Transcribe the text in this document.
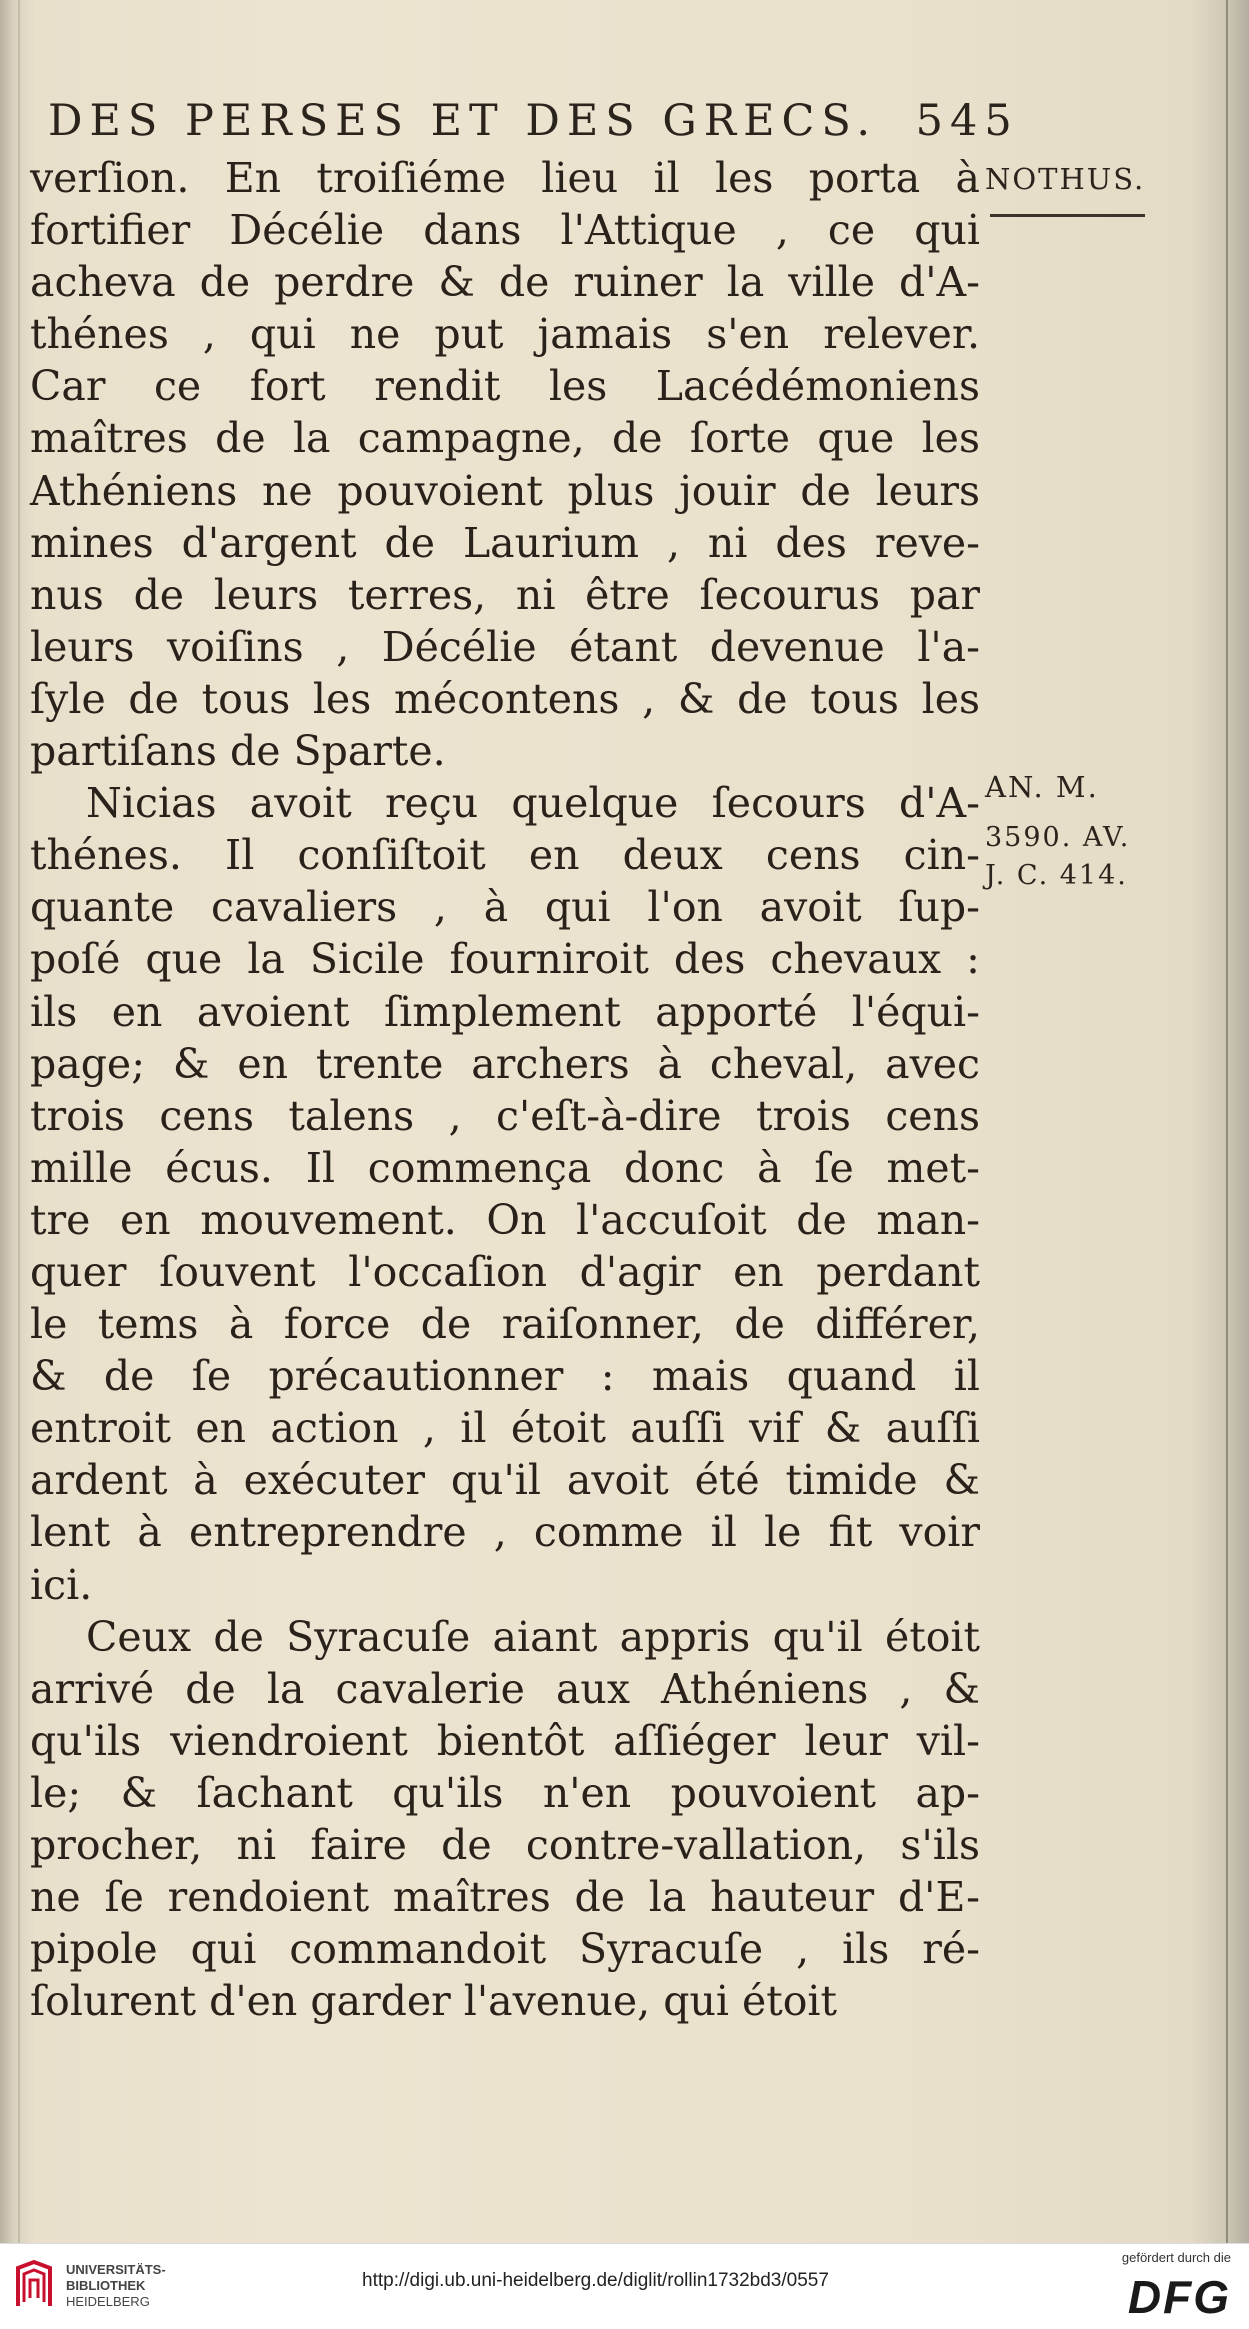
DES PERSES ET DES GRECS. 545
NOTHUS.
AN. M.
3590. AV.
J. C. 414.
verſion. En troiſiéme lieu il les porta à
fortifier Décélie dans l'Attique , ce qui
acheva de perdre & de ruiner la ville d'A-
thénes , qui ne put jamais s'en relever.
Car ce fort rendit les Lacédémoniens
maîtres de la campagne, de ſorte que les
Athéniens ne pouvoient plus jouir de leurs
mines d'argent de Laurium , ni des reve-
nus de leurs terres, ni être ſecourus par
leurs voiſins , Décélie étant devenue l'a-
ſyle de tous les mécontens , & de tous les
partiſans de Sparte.
Nicias avoit reçu quelque ſecours d'A-
thénes. Il conſiſtoit en deux cens cin-
quante cavaliers , à qui l'on avoit ſup-
poſé que la Sicile fourniroit des chevaux :
ils en avoient ſimplement apporté l'équi-
page; & en trente archers à cheval, avec
trois cens talens , c'eſt-à-dire trois cens
mille écus. Il commença donc à ſe met-
tre en mouvement. On l'accuſoit de man-
quer ſouvent l'occaſion d'agir en perdant
le tems à force de raiſonner, de différer,
& de ſe précautionner : mais quand il
entroit en action , il étoit auſſi vif & auſſi
ardent à exécuter qu'il avoit été timide &
lent à entreprendre , comme il le fit voir
ici.
Ceux de Syracuſe aiant appris qu'il étoit
arrivé de la cavalerie aux Athéniens , &
qu'ils viendroient bientôt aſſiéger leur vil-
le; & ſachant qu'ils n'en pouvoient ap-
procher, ni faire de contre-vallation, s'ils
ne ſe rendoient maîtres de la hauteur d'E-
pipole qui commandoit Syracuſe , ils ré-
ſolurent d'en garder l'avenue, qui étoit
UNIVERSITÄTS-
BIBLIOTHEK
HEIDELBERG
http://digi.ub.uni-heidelberg.de/diglit/rollin1732bd3/0557
gefördert durch die
DFG
